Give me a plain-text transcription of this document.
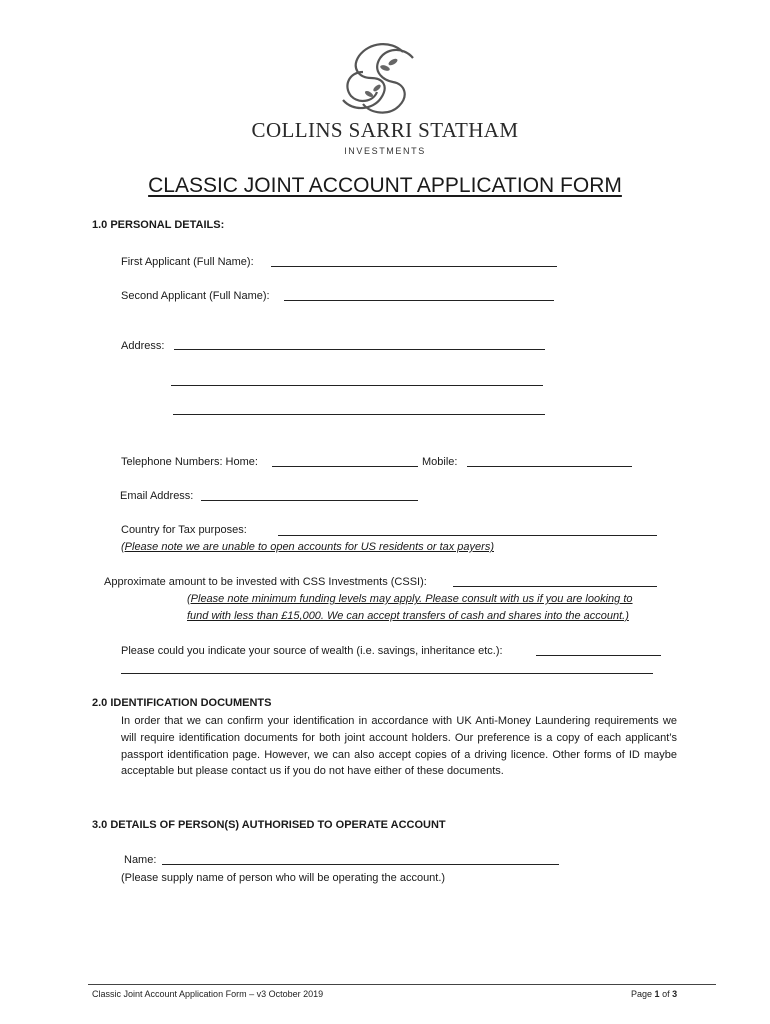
COLLINS SARRI STATHAM
INVESTMENTS
CLASSIC JOINT ACCOUNT APPLICATION FORM
1.0 PERSONAL DETAILS:
First Applicant (Full Name):
Second Applicant (Full Name):
Address:
Telephone Numbers: Home:	Mobile:
Email Address:
Country for Tax purposes:
(Please note we are unable to open accounts for US residents or tax payers)
Approximate amount to be invested with CSS Investments (CSSI):
(Please note minimum funding levels may apply. Please consult with us if you are looking to
fund with less than £15,000. We can accept transfers of cash and shares into the account.)
Please could you indicate your source of wealth (i.e. savings, inheritance etc.):
2.0 IDENTIFICATION DOCUMENTS
In order that we can confirm your identification in accordance with UK Anti-Money Laundering requirements we will require identification documents for both joint account holders. Our preference is a copy of each applicant’s passport identification page. However, we can also accept copies of a driving licence. Other forms of ID maybe acceptable but please contact us if you do not have either of these documents.
3.0 DETAILS OF PERSON(S) AUTHORISED TO OPERATE ACCOUNT
Name:
(Please supply name of person who will be operating the account.)
Classic Joint Account Application Form – v3 October 2019	Page 1 of 3
